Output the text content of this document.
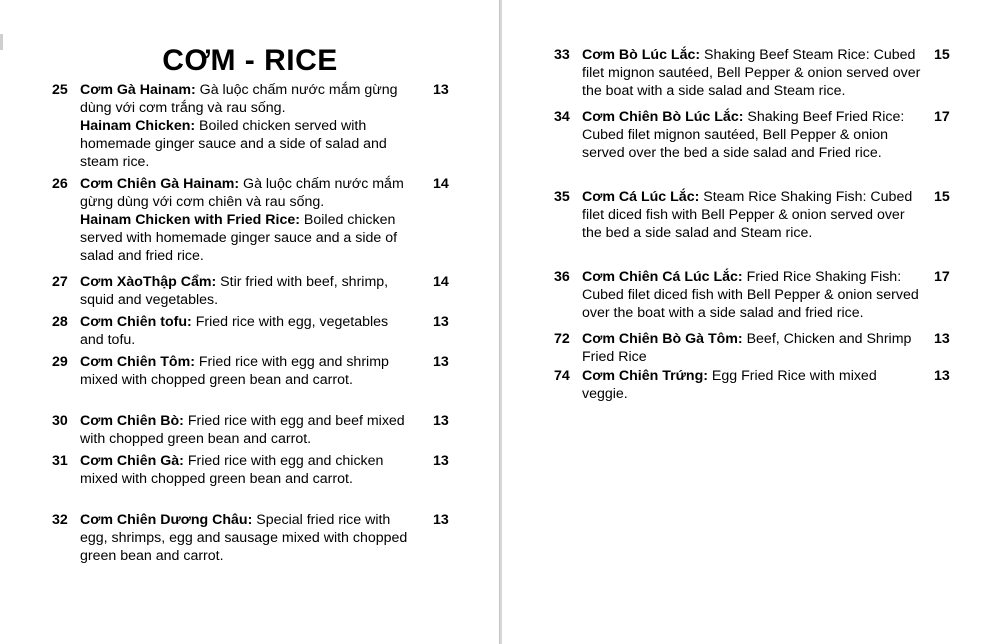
CƠM - RICE
25 Cơm Gà Hainam: Gà luộc chấm nước mắm gừng dùng với cơm trắng và rau sống.
Hainam Chicken: Boiled chicken served with homemade ginger sauce and a side of salad and steam rice.
13
26 Cơm Chiên Gà Hainam: Gà luộc chấm nước mắm gừng dùng với cơm chiên và rau sống.
Hainam Chicken with Fried Rice: Boiled chicken served with homemade ginger sauce and a side of salad and fried rice.
14
27 Cơm XàoThập Cẩm: Stir fried with beef, shrimp, squid and vegetables.
14
28 Cơm Chiên tofu: Fried rice with egg, vegetables and tofu.
13
29 Cơm Chiên Tôm: Fried rice with egg and shrimp mixed with chopped green bean and carrot.
13
30 Cơm Chiên Bò: Fried rice with egg and beef mixed with chopped green bean and carrot.
13
31 Cơm Chiên Gà: Fried rice with egg and chicken mixed with chopped green bean and carrot.
13
32 Cơm Chiên Dương Châu: Special fried rice with egg, shrimps, egg and sausage mixed with chopped green bean and carrot.
13
33 Cơm Bò Lúc Lắc: Shaking Beef Steam Rice: Cubed filet mignon sautéed, Bell Pepper & onion served over the boat with a side salad and Steam rice.
15
34 Cơm Chiên Bò Lúc Lắc: Shaking Beef Fried Rice: Cubed filet mignon sautéed, Bell Pepper & onion served over the bed a side salad and Fried rice.
17
35 Cơm Cá Lúc Lắc: Steam Rice Shaking Fish: Cubed filet diced fish with Bell Pepper & onion served over the bed a side salad and Steam rice.
15
36 Cơm Chiên Cá Lúc Lắc: Fried Rice Shaking Fish: Cubed filet diced fish with Bell Pepper & onion served over the boat with a side salad and fried rice.
17
72 Cơm Chiên Bò Gà Tôm: Beef, Chicken and Shrimp Fried Rice
13
74 Cơm Chiên Trứng: Egg Fried Rice with mixed veggie.
13
